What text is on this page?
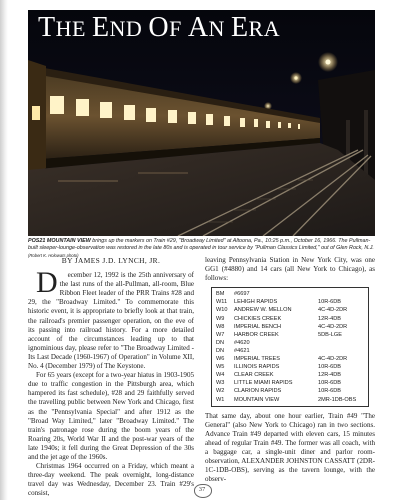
THE END OF AN ERA

POS21 MOUNTAIN VIEW brings up the markers on Train #29, "Broadway Limited" at Altoona, Pa., 10:25 p.m., October 16, 1966. The Pullman-built sleeper-lounge-observation was restored in the late 80s and is operated in tour service by "Pullman Classics Limited," out of Glen Rock, N.J.
(Robert K. Holowats photo)

BY JAMES J.D. LYNCH, JR.

D ecember 12, 1992 is the 25th anniversary of the last runs of the all-Pullman, all-room, Blue Ribbon Fleet leader of the PRR Trains #28 and 29, the "Broadway Limited." To commemorate this historic event, it is appropriate to briefly look at that train, the railroad's premier passenger operation, on the eve of its passing into railroad history. For a more detailed account of the circumstances leading up to that ignominious day, please refer to "The Broadway Limited - Its Last Decade (1960-1967) of Operation" in Volume XII, No. 4 (December 1979) of The Keystone.

For 65 years (except for a two-year hiatus in 1903-1905 due to traffic congestion in the Pittsburgh area, which hampered its fast schedule), #28 and 29 faithfully served the travelling public between New York and Chicago, first as the "Pennsylvania Special" and after 1912 as the "Broad Way Limited," later "Broadway Limited." The train's patronage rose during the boom years of the Roaring 20s, World War II and the post-war years of the late 1940s; it fell during the Great Depression of the 30s and the jet age of the 1960s.

Christmas 1964 occurred on a Friday, which meant a three-day weekend. The peak overnight, long-distance travel day was Wednesday, December 23. Train #29's consist,

leaving Pennsylvania Station in New York City, was one GG1 (#4880) and 14 cars (all New York to Chicago), as follows:

BM	#6697
W11	LEHIGH RAPIDS	10R-6DB
W10	ANDREW W. MELLON	4C-4D-2DR
W9	CHICKIES CREEK	12R-4DB
W8	IMPERIAL BENCH	4C-4D-2DR
W7	HARBOR CREEK	5DB-LGE
DN	#4620
DN	#4621
W6	IMPERIAL TREES	4C-4D-2DR
W5	ILLINOIS RAPIDS	10R-6DB
W4	CLEAR CREEK	12R-4DB
W3	LITTLE MIAMI RAPIDS	10R-6DB
W2	CLARION RAPIDS	10R-6DB
W1	MOUNTAIN VIEW	2MR-1DB-OBS

That same day, about one hour earlier, Train #49 "The General" (also New York to Chicago) ran in two sections. Advance Train #49 departed with eleven cars, 15 minutes ahead of regular Train #49. The former was all coach, with a baggage car, a single-unit diner and parlor room-observation, ALEXANDER JOHNSTON CASSATT (2DR-1C-1DB-OBS), serving as the tavern lounge, with the observ-

37
